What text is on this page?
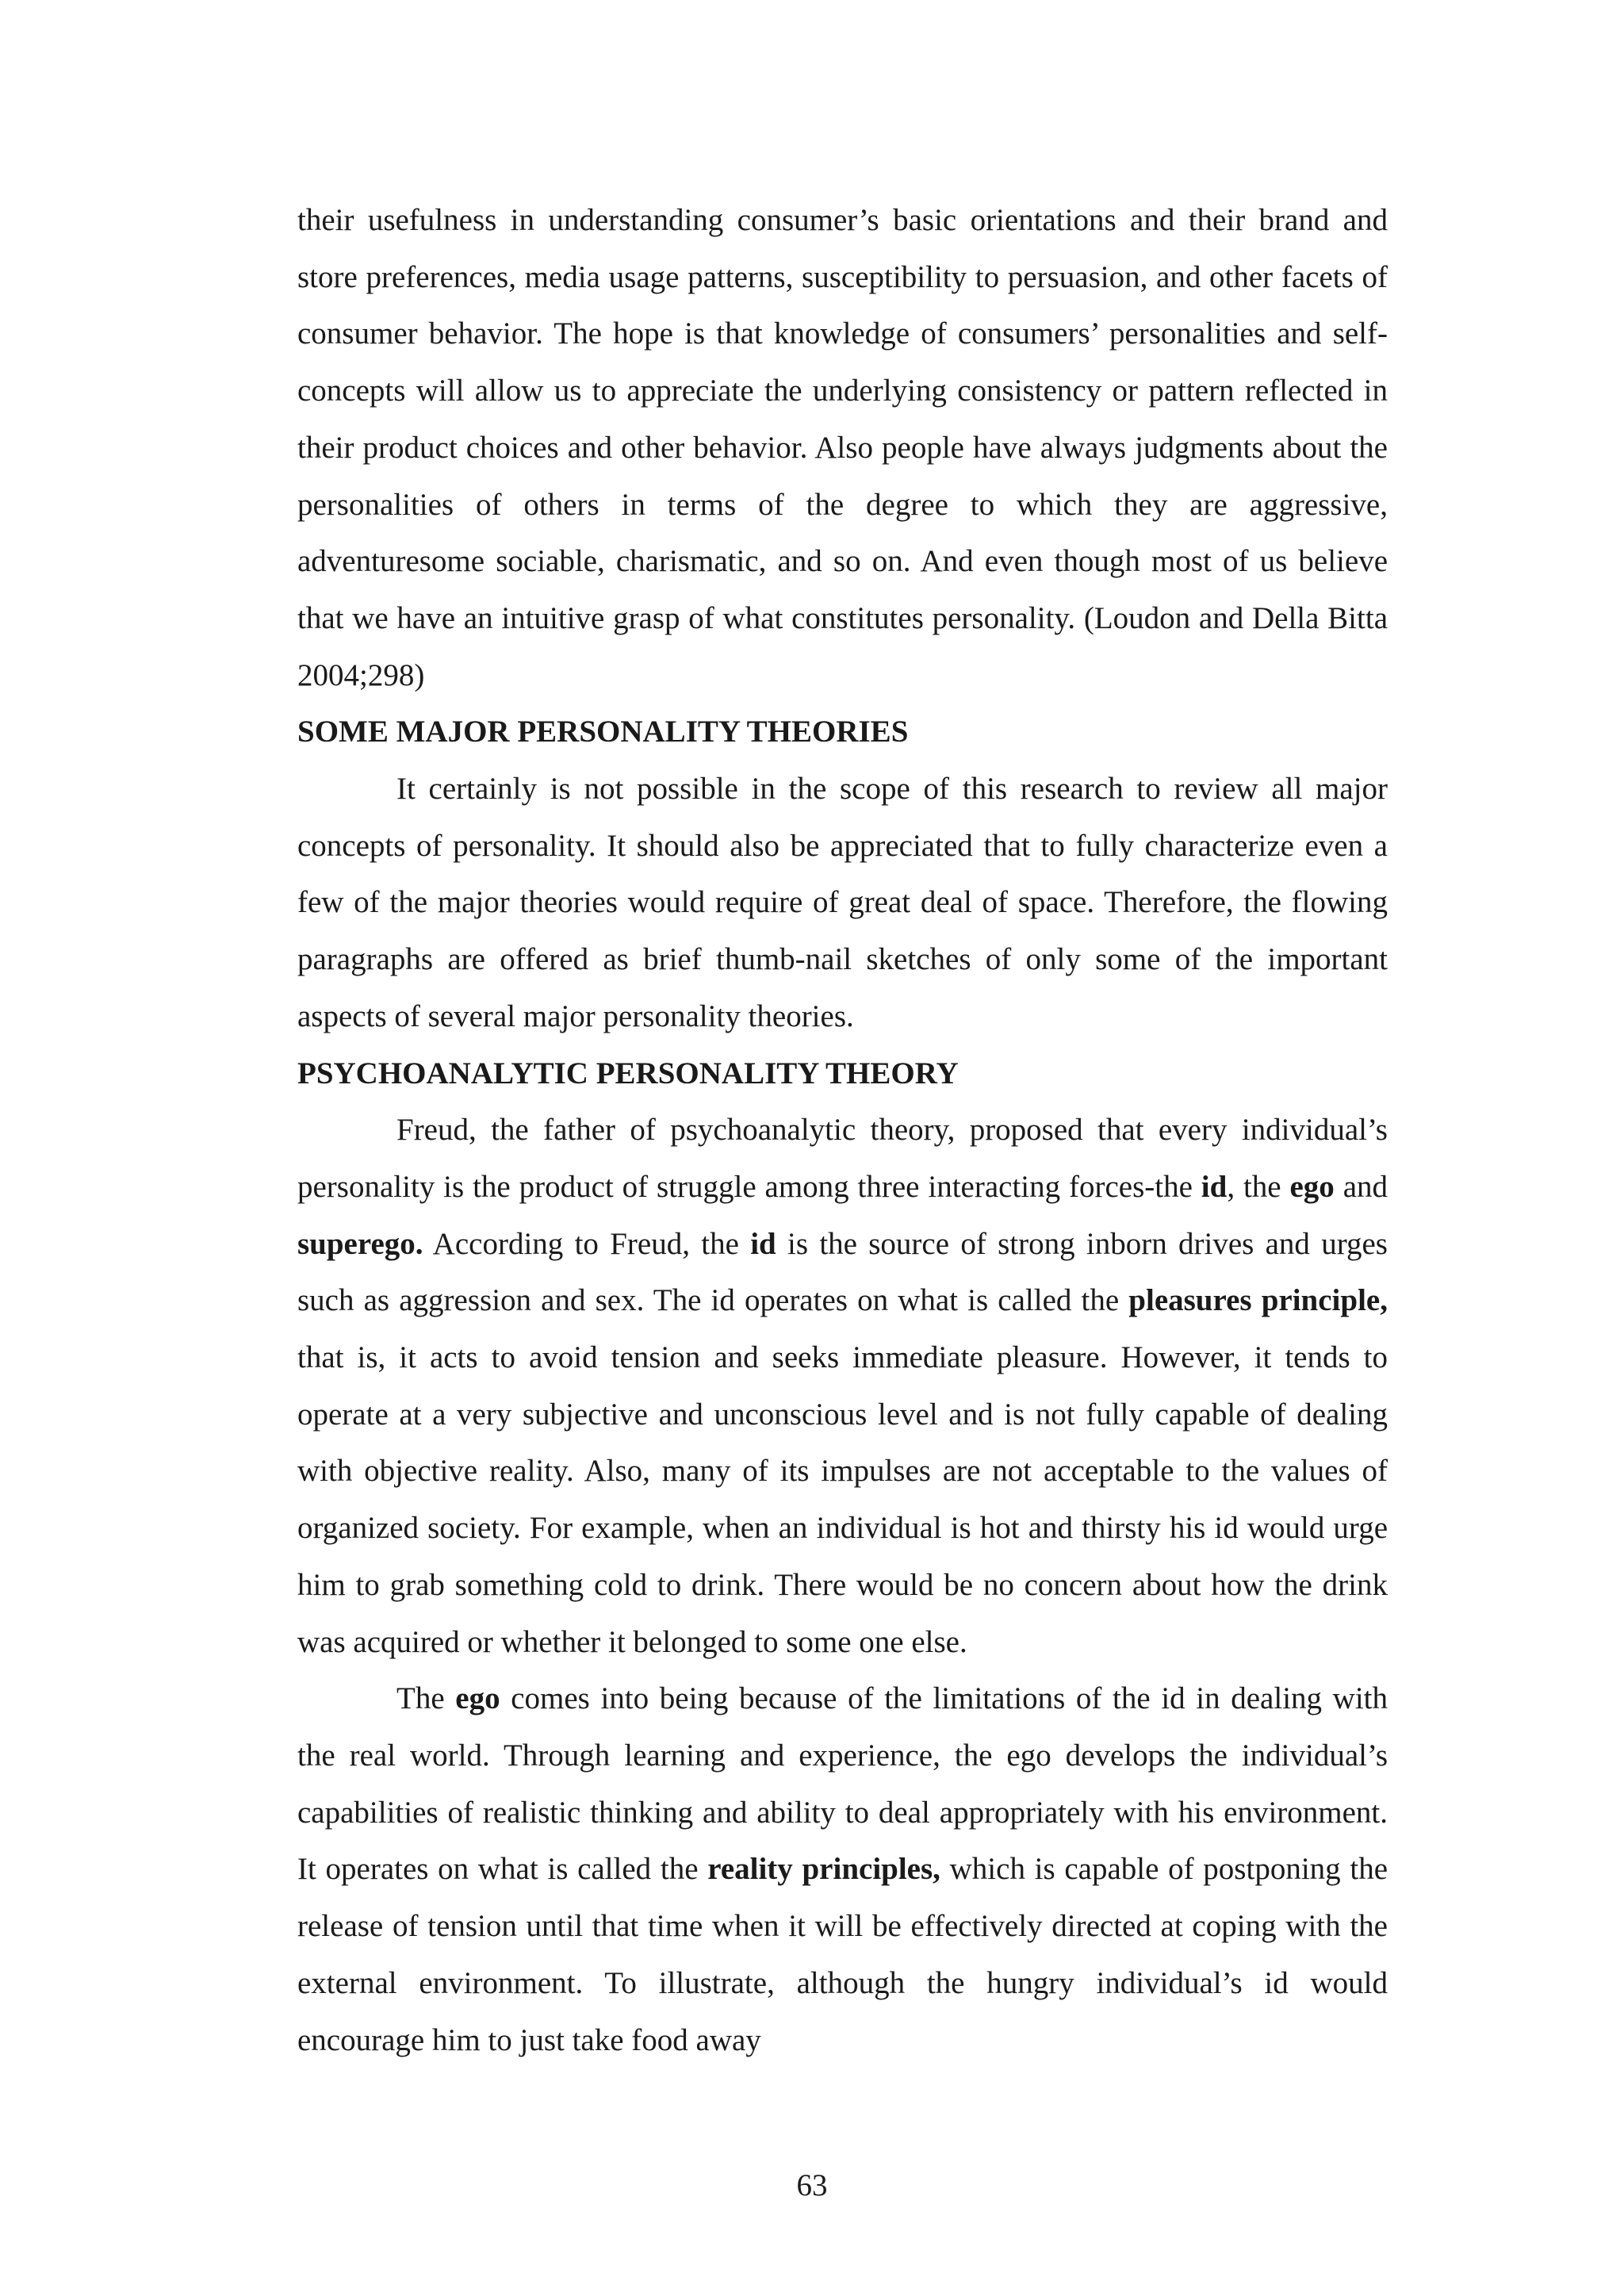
their usefulness in understanding consumer’s basic orientations and their brand and store preferences, media usage patterns, susceptibility to persuasion, and other facets of consumer behavior. The hope is that knowledge of consumers’ personalities and self-concepts will allow us to appreciate the underlying consistency or pattern reflected in their product choices and other behavior. Also people have always judgments about the personalities of others in terms of the degree to which they are aggressive, adventuresome sociable, charismatic, and so on. And even though most of us believe that we have an intuitive grasp of what constitutes personality. (Loudon and Della Bitta 2004;298)

SOME MAJOR PERSONALITY THEORIES

It certainly is not possible in the scope of this research to review all major concepts of personality. It should also be appreciated that to fully characterize even a few of the major theories would require of great deal of space. Therefore, the flowing paragraphs are offered as brief thumb-nail sketches of only some of the important aspects of several major personality theories.

PSYCHOANALYTIC PERSONALITY THEORY

Freud, the father of psychoanalytic theory, proposed that every individual’s personality is the product of struggle among three interacting forces-the id, the ego and superego. According to Freud, the id is the source of strong inborn drives and urges such as aggression and sex. The id operates on what is called the pleasures principle, that is, it acts to avoid tension and seeks immediate pleasure. However, it tends to operate at a very subjective and unconscious level and is not fully capable of dealing with objective reality. Also, many of its impulses are not acceptable to the values of organized society. For example, when an individual is hot and thirsty his id would urge him to grab something cold to drink. There would be no concern about how the drink was acquired or whether it belonged to some one else.

The ego comes into being because of the limitations of the id in dealing with the real world. Through learning and experience, the ego develops the individual’s capabilities of realistic thinking and ability to deal appropriately with his environment. It operates on what is called the reality principles, which is capable of postponing the release of tension until that time when it will be effectively directed at coping with the external environment. To illustrate, although the hungry individual’s id would encourage him to just take food away

63
